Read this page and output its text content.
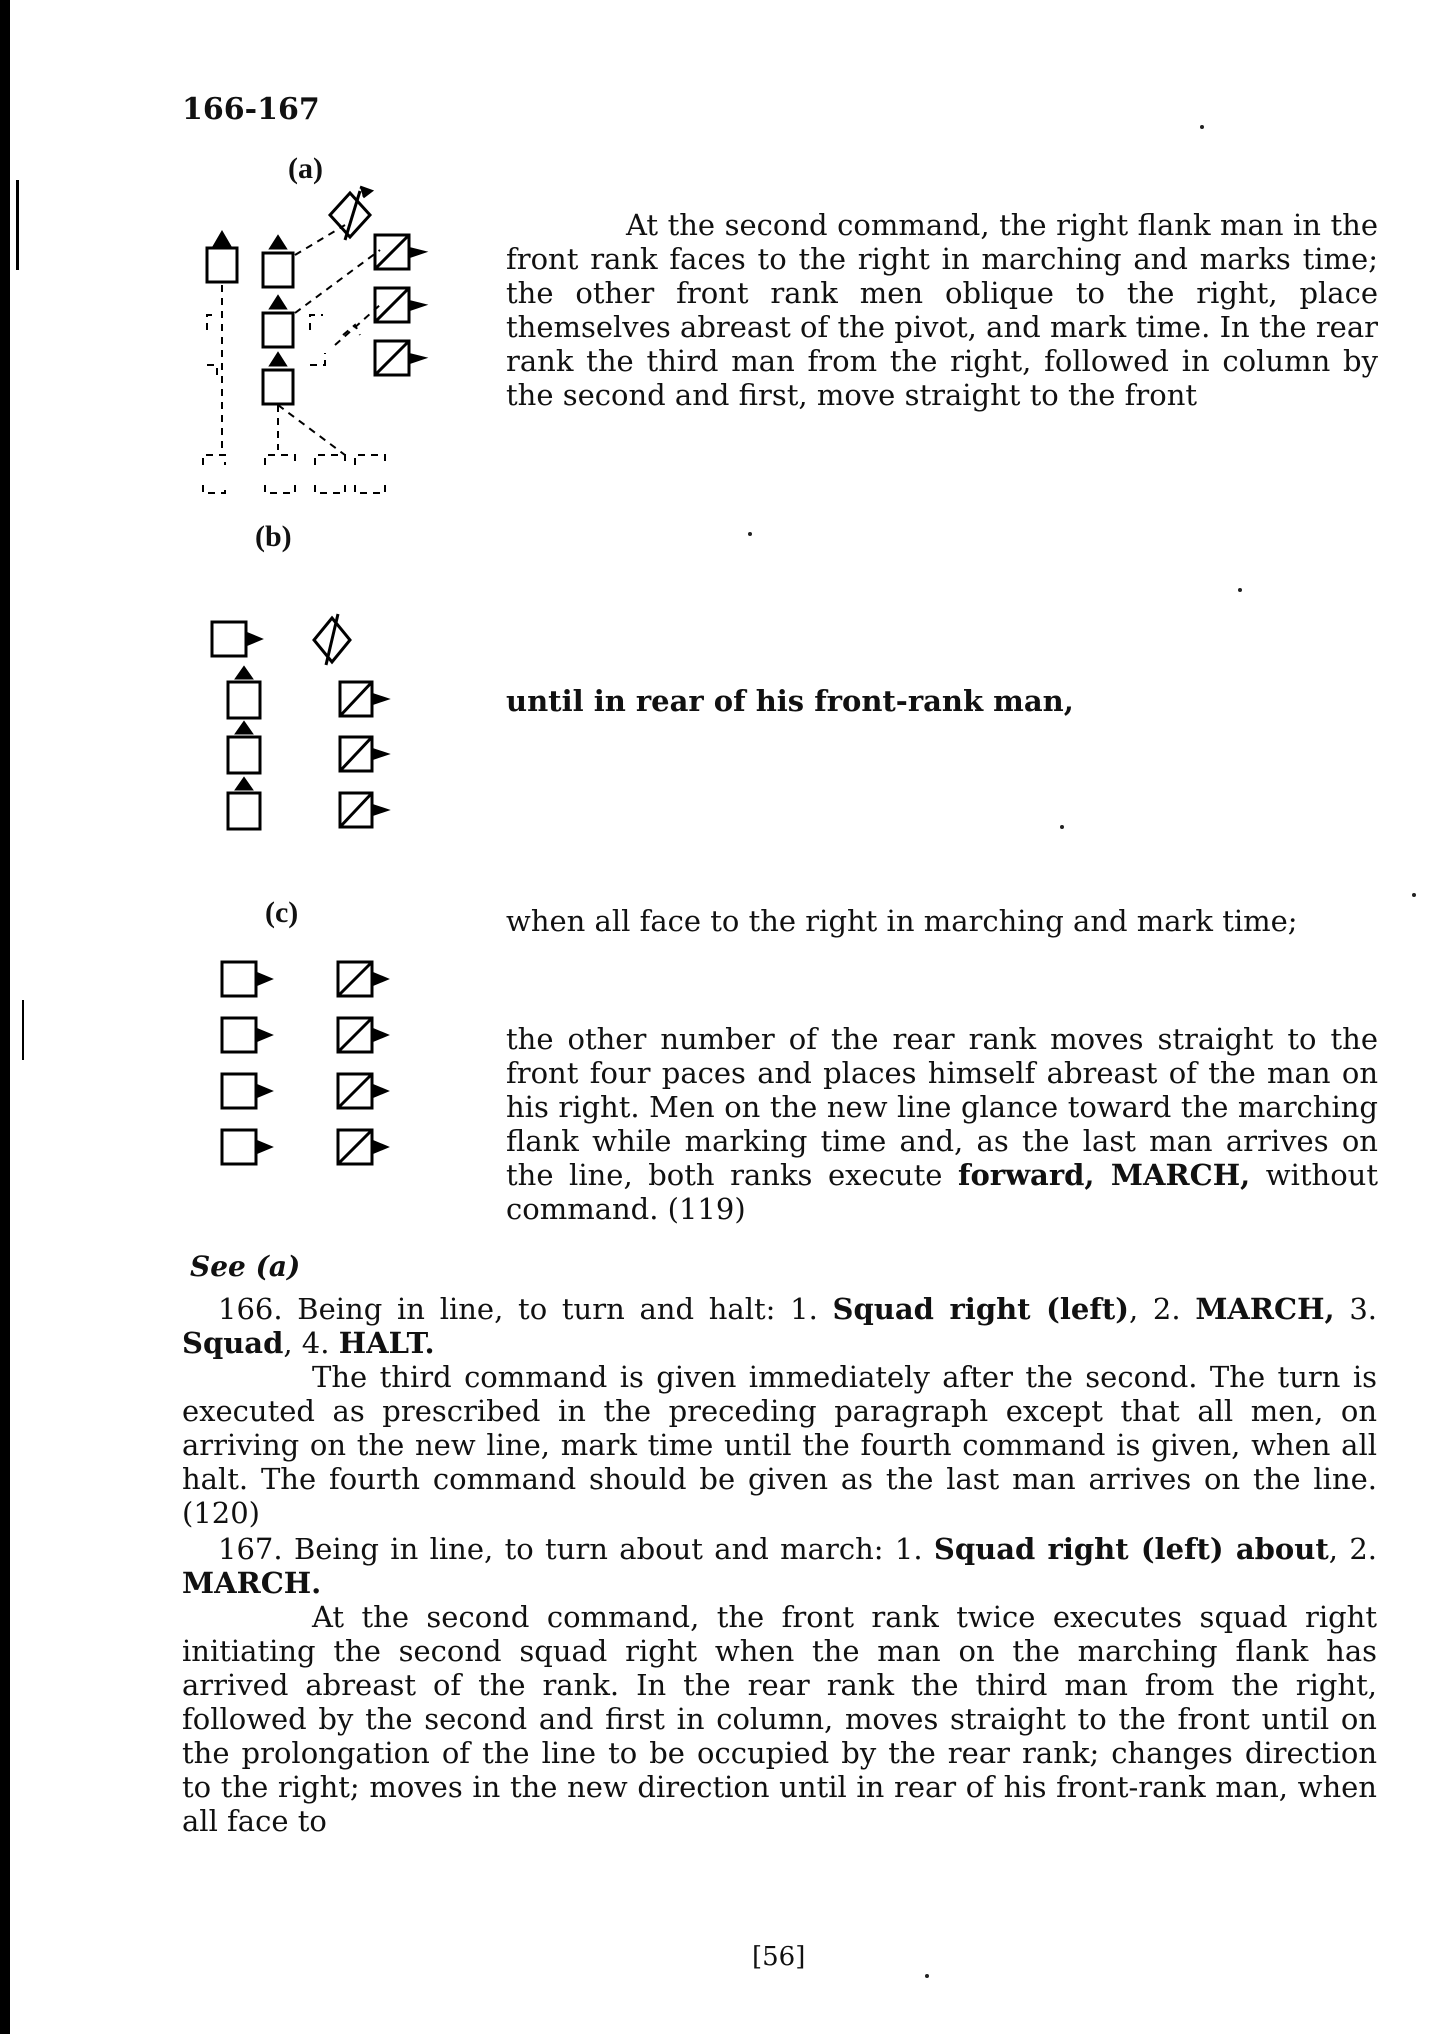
166-167
(a)
At the second command, the right flank man in the front rank faces to the right in marching and marks time; the other front rank men oblique to the right, place themselves abreast of the pivot, and mark time. In the rear rank the third man from the right, followed in column by the second and first, move straight to the front
(b)
until in rear of his front-rank man,
(c)	when all face to the right in marching and mark time;

the other number of the rear rank moves straight to the front four paces and places himself abreast of the man on his right. Men on the new line glance toward the marching flank while marking time and, as the last man arrives on the line, both ranks execute forward, MARCH, without command. (119)

See (a)

166. Being in line, to turn and halt: 1. Squad right (left), 2. MARCH, 3. Squad, 4. HALT.

The third command is given immediately after the second. The turn is executed as prescribed in the preceding paragraph except that all men, on arriving on the new line, mark time until the fourth command is given, when all halt. The fourth command should be given as the last man arrives on the line. (120)

167. Being in line, to turn about and march: 1. Squad right (left) about, 2. MARCH.

At the second command, the front rank twice executes squad right initiating the second squad right when the man on the marching flank has arrived abreast of the rank. In the rear rank the third man from the right, followed by the second and first in column, moves straight to the front until on the prolongation of the line to be occupied by the rear rank; changes direction to the right; moves in the new direction until in rear of his front-rank man, when all face to

[56]
